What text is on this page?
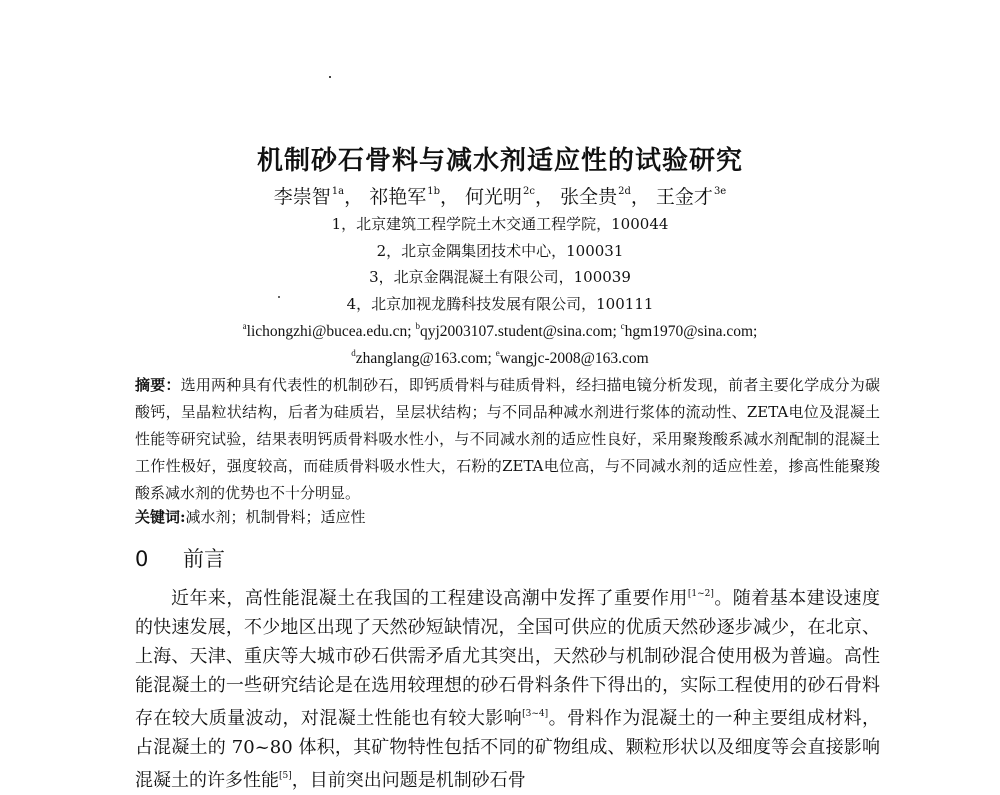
机制砂石骨料与减水剂适应性的试验研究
李崇智$^{1a}$， 祁艳军$^{1b}$， 何光明$^{2c}$， 张全贵$^{2d}$， 王金才$^{3e}$
1，北京建筑工程学院土木交通工程学院，100044
2，北京金隅集团技术中心，100031
3，北京金隅混凝土有限公司，100039
4，北京加视龙腾科技发展有限公司，100111
$^a$lichongzhi@bucea.edu.cn; $^b$qyj2003107.student@sina.com; $^c$hgm1970@sina.com;
$^d$zhanglang@163.com; $^e$wangjc-2008@163.com
摘要：选用两种具有代表性的机制砂石，即钙质骨料与硅质骨料，经扫描电镜分析发现，前者主要化学成分为碳酸钙，呈晶粒状结构，后者为硅质岩，呈层状结构；与不同品种减水剂进行浆体的流动性、ZETA电位及混凝土性能等研究试验，结果表明钙质骨料吸水性小，与不同减水剂的适应性良好，采用聚羧酸系减水剂配制的混凝土工作性极好，强度较高，而硅质骨料吸水性大，石粉的ZETA电位高，与不同减水剂的适应性差，掺高性能聚羧酸系减水剂的优势也不十分明显。
关键词:减水剂；机制骨料；适应性
0 前言

近年来，高性能混凝土在我国的工程建设高潮中发挥了重要作用[1~2]。随着基本建设速度的快速发展，不少地区出现了天然砂短缺情况，全国可供应的优质天然砂逐步减少，在北京、上海、天津、重庆等大城市砂石供需矛盾尤其突出，天然砂与机制砂混合使用极为普遍。高性能混凝土的一些研究结论是在选用较理想的砂石骨料条件下得出的，实际工程使用的砂石骨料存在较大质量波动，对混凝土性能也有较大影响[3~4]。骨料作为混凝土的一种主要组成材料，占混凝土的 70~80 体积，其矿物特性包括不同的矿物组成、颗粒形状以及细度等会直接影响混凝土的许多性能[5]，目前突出问题是机制砂石骨
